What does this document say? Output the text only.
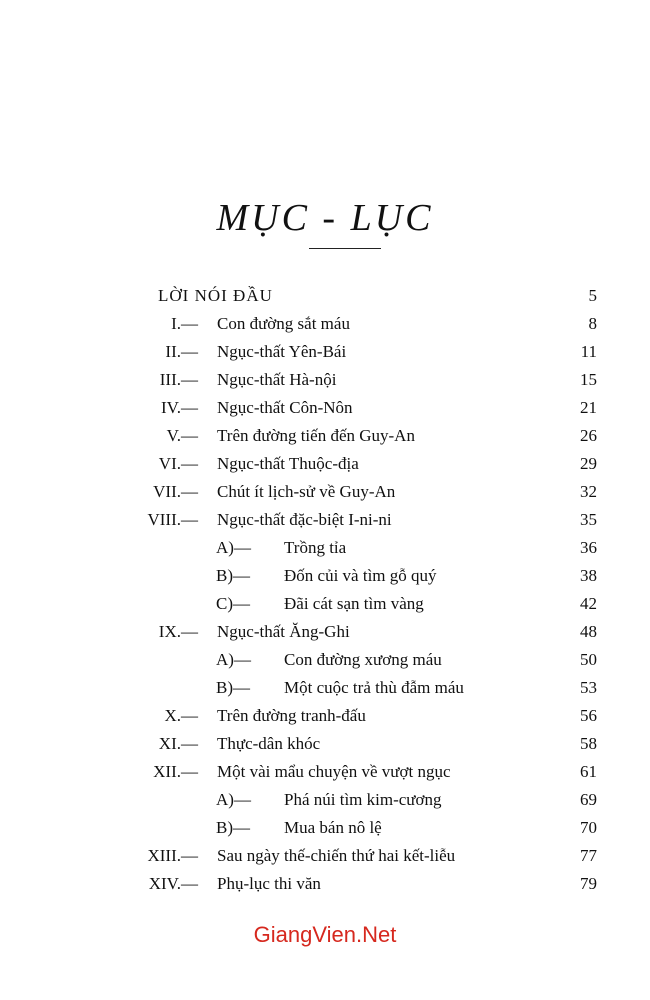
MỤC - LỤC
LỜI NÓI ĐẦU	5
I.— Con đường sắt máu	8
II.— Ngục-thất Yên-Bái	11
III.— Ngục-thất Hà-nội	15
IV.— Ngục-thất Côn-Nôn	21
V.— Trên đường tiến đến Guy-An	26
VI.— Ngục-thất Thuộc-địa	29
VII.— Chút ít lịch-sử về Guy-An	32
VIII.— Ngục-thất đặc-biệt I-ni-ni	35
A)— Trồng tỉa	36
B)— Đốn củi và tìm gỗ quý	38
C)— Đãi cát sạn tìm vàng	42
IX.— Ngục-thất Ăng-Ghi	48
A)— Con đường xương máu	50
B)— Một cuộc trả thù đẫm máu	53
X.— Trên đường tranh-đấu	56
XI.— Thực-dân khóc	58
XII.— Một vài mẩu chuyện về vượt ngục	61
A)— Phá núi tìm kim-cương	69
B)— Mua bán nô lệ	70
XIII.— Sau ngày thế-chiến thứ hai kết-liễu	77
XIV.— Phụ-lục thi văn	79
GiangVien.Net
